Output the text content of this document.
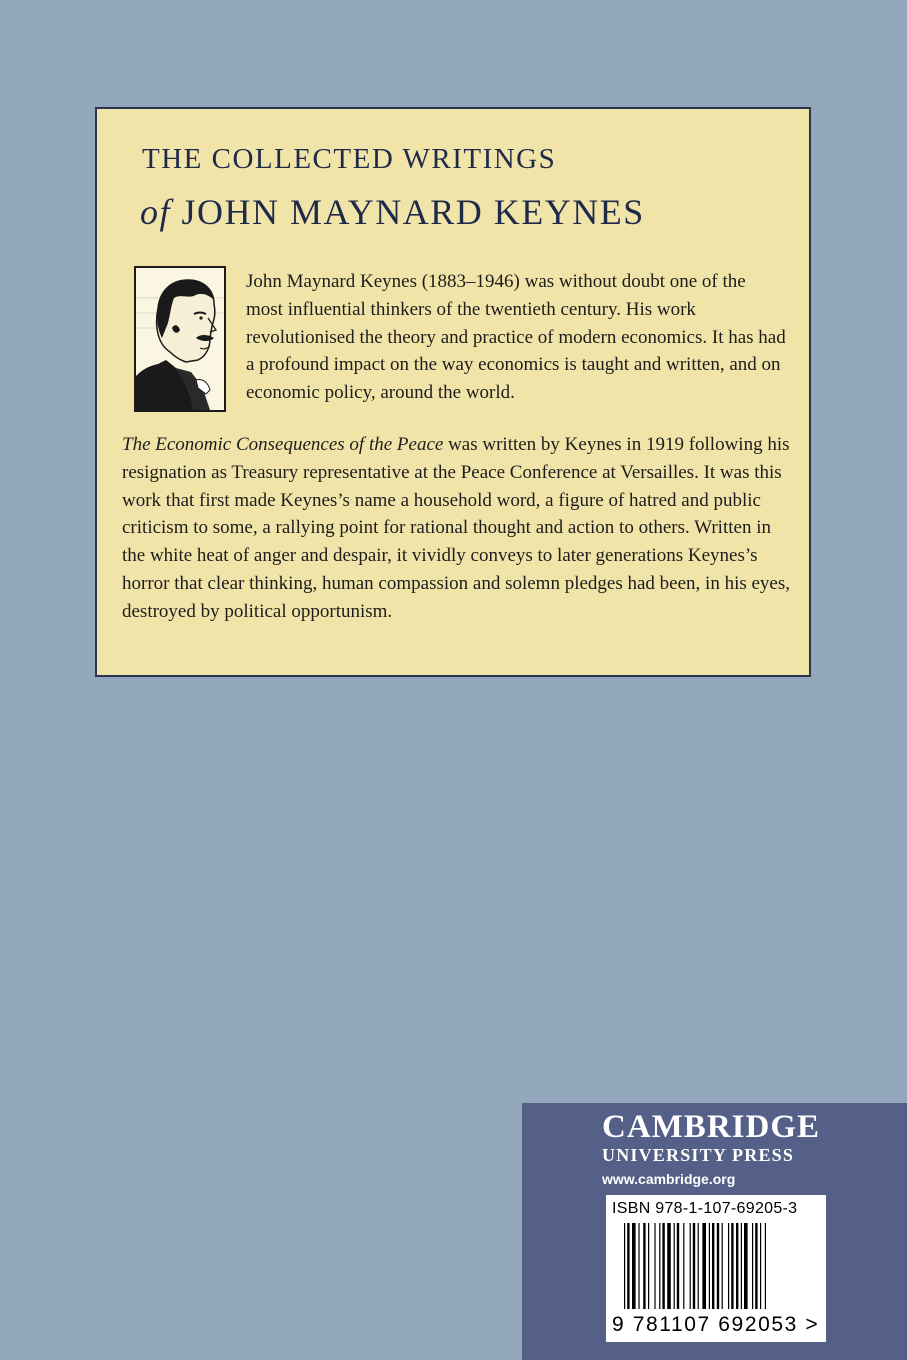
THE COLLECTED WRITINGS
of JOHN MAYNARD KEYNES
John Maynard Keynes (1883–1946) was without doubt one of the most influential thinkers of the twentieth century. His work revolutionised the theory and practice of modern economics. It has had a profound impact on the way economics is taught and written, and on economic policy, around the world.
The Economic Consequences of the Peace was written by Keynes in 1919 following his resignation as Treasury representative at the Peace Conference at Versailles. It was this work that first made Keynes’s name a household word, a figure of hatred and public criticism to some, a rallying point for rational thought and action to others. Written in the white heat of anger and despair, it vividly conveys to later generations Keynes’s horror that clear thinking, human compassion and solemn pledges had been, in his eyes, destroyed by political opportunism.
CAMBRIDGE
UNIVERSITY PRESS
www.cambridge.org
ISBN 978-1-107-69205-3
9 781107 692053 >
